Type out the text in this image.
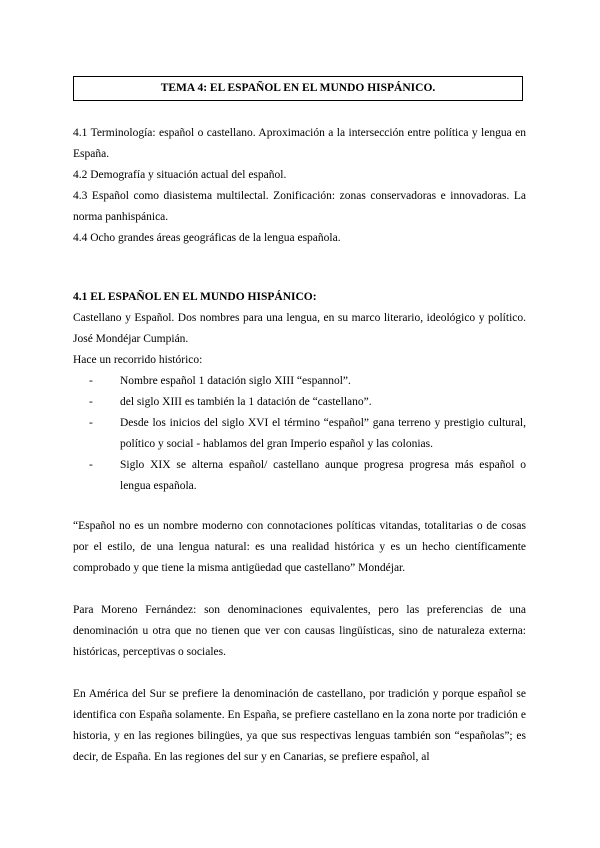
TEMA 4: EL ESPAÑOL EN EL MUNDO HISPÁNICO.

4.1 Terminología: español o castellano. Aproximación a la intersección entre política y lengua en España.

4.2 Demografía y situación actual del español.

4.3 Español como diasistema multilectal. Zonificación: zonas conservadoras e innovadoras. La norma panhispánica.

4.4 Ocho grandes áreas geográficas de la lengua española.

4.1 EL ESPAÑOL EN EL MUNDO HISPÁNICO:

Castellano y Español. Dos nombres para una lengua, en su marco literario, ideológico y político. José Mondéjar Cumpián.

Hace un recorrido histórico:

- Nombre español 1 datación siglo XIII “espannol”.
- del siglo XIII es también la 1 datación de “castellano”.
- Desde los inicios del siglo XVI el término “español” gana terreno y prestigio cultural, político y social - hablamos del gran Imperio español y las colonias.
- Siglo XIX se alterna español/ castellano aunque progresa progresa más español o lengua española.

“Español no es un nombre moderno con connotaciones políticas vitandas, totalitarias o de cosas por el estilo, de una lengua natural: es una realidad histórica y es un hecho científicamente comprobado y que tiene la misma antigüedad que castellano” Mondéjar.

Para Moreno Fernández: son denominaciones equivalentes, pero las preferencias de una denominación u otra que no tienen que ver con causas lingüísticas, sino de naturaleza externa: históricas, perceptivas o sociales.

En América del Sur se prefiere la denominación de castellano, por tradición y porque español se identifica con España solamente. En España, se prefiere castellano en la zona norte por tradición e historia, y en las regiones bilingües, ya que sus respectivas lenguas también son “españolas”; es decir, de España. En las regiones del sur y en Canarias, se prefiere español, al
